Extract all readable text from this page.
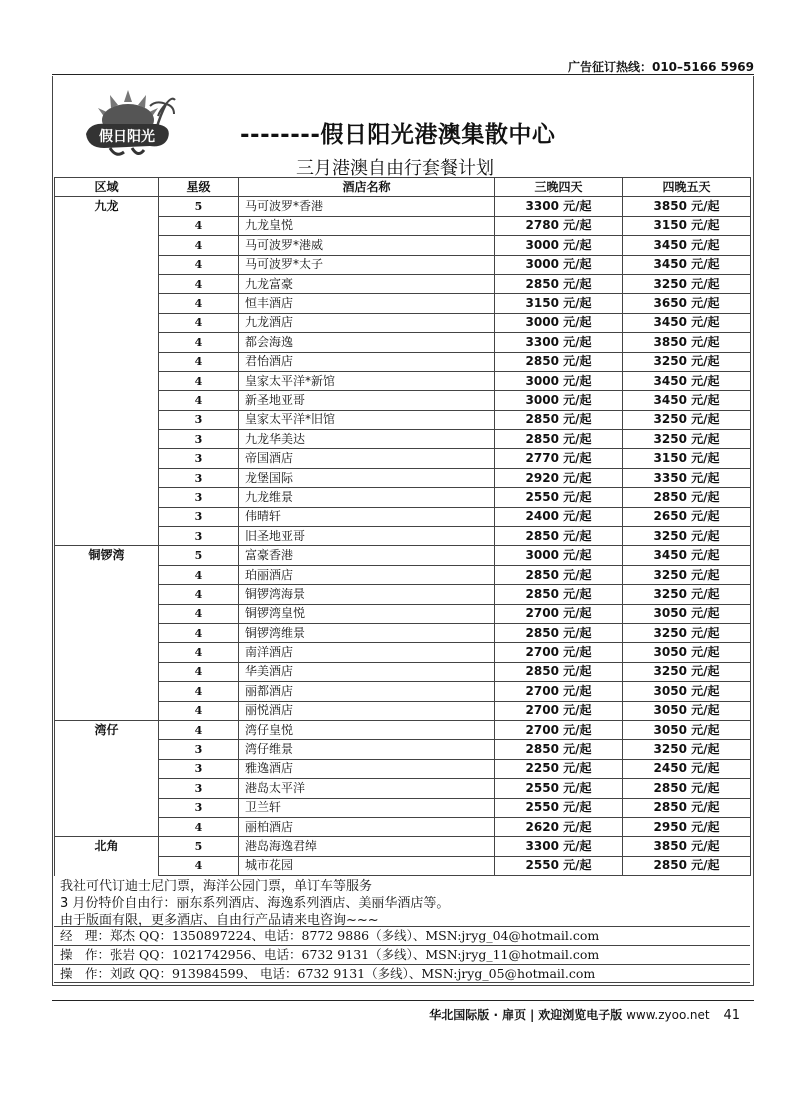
广告征订热线：010–5166 5969
假日阳光	--------假日阳光港澳集散中心
三月港澳自由行套餐计划
区域	星级	酒店名称	三晚四天	四晚五天
九龙	5	马可波罗*香港	3300 元/起	3850 元/起
	4	九龙皇悦	2780 元/起	3150 元/起
	4	马可波罗*港威	3000 元/起	3450 元/起
	4	马可波罗*太子	3000 元/起	3450 元/起
	4	九龙富豪	2850 元/起	3250 元/起
	4	恒丰酒店	3150 元/起	3650 元/起
	4	九龙酒店	3000 元/起	3450 元/起
	4	都会海逸	3300 元/起	3850 元/起
	4	君怡酒店	2850 元/起	3250 元/起
	4	皇家太平洋*新馆	3000 元/起	3450 元/起
	4	新圣地亚哥	3000 元/起	3450 元/起
	3	皇家太平洋*旧馆	2850 元/起	3250 元/起
	3	九龙华美达	2850 元/起	3250 元/起
	3	帝国酒店	2770 元/起	3150 元/起
	3	龙堡国际	2920 元/起	3350 元/起
	3	九龙维景	2550 元/起	2850 元/起
	3	伟晴轩	2400 元/起	2650 元/起
	3	旧圣地亚哥	2850 元/起	3250 元/起
铜锣湾	5	富豪香港	3000 元/起	3450 元/起
	4	珀丽酒店	2850 元/起	3250 元/起
	4	铜锣湾海景	2850 元/起	3250 元/起
	4	铜锣湾皇悦	2700 元/起	3050 元/起
	4	铜锣湾维景	2850 元/起	3250 元/起
	4	南洋酒店	2700 元/起	3050 元/起
	4	华美酒店	2850 元/起	3250 元/起
	4	丽都酒店	2700 元/起	3050 元/起
	4	丽悦酒店	2700 元/起	3050 元/起
湾仔	4	湾仔皇悦	2700 元/起	3050 元/起
	3	湾仔维景	2850 元/起	3250 元/起
	3	雅逸酒店	2250 元/起	2450 元/起
	3	港岛太平洋	2550 元/起	2850 元/起
	3	卫兰轩	2550 元/起	2850 元/起
	4	丽柏酒店	2620 元/起	2950 元/起
北角	5	港岛海逸君绰	3300 元/起	3850 元/起
	4	城市花园	2550 元/起	2850 元/起
我社可代订迪士尼门票，海洋公园门票，单订车等服务
3 月份特价自由行：丽东系列酒店、海逸系列酒店、美丽华酒店等。
由于版面有限，更多酒店、自由行产品请来电咨询~~~
经　理：郑杰 QQ：1350897224、电话：8772 9886（多线）、MSN:jryg_04@hotmail.com
操　作：张岩 QQ：1021742956、电话：6732 9131（多线）、MSN:jryg_11@hotmail.com
操　作：刘政 QQ：913984599、 电话：6732 9131（多线）、MSN:jryg_05@hotmail.com
华北国际版 · 扉页 | 欢迎浏览电子版 www.zyoo.net 41
